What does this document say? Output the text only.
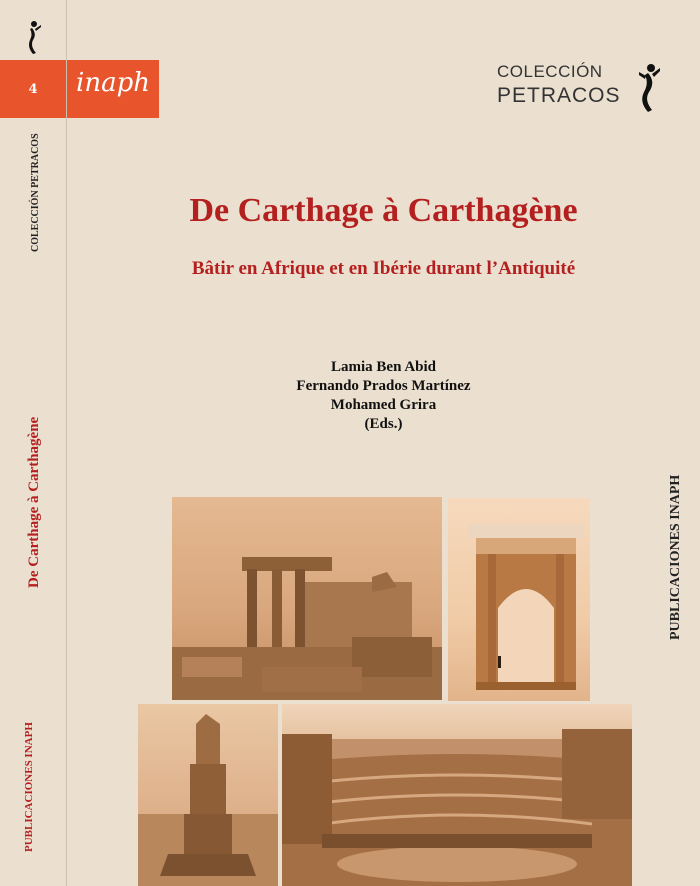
4	inaph
COLECCIÓN PETRACOS
De Carthage à Carthagène
PUBLICACIONES INAPH
COLECCIÓN
PETRACOS
De Carthage à Carthagène
Bâtir en Afrique et en Ibérie durant l’Antiquité
Lamia Ben Abid
Fernando Prados Martínez
Mohamed Grira
(Eds.)
PUBLICACIONES INAPH
